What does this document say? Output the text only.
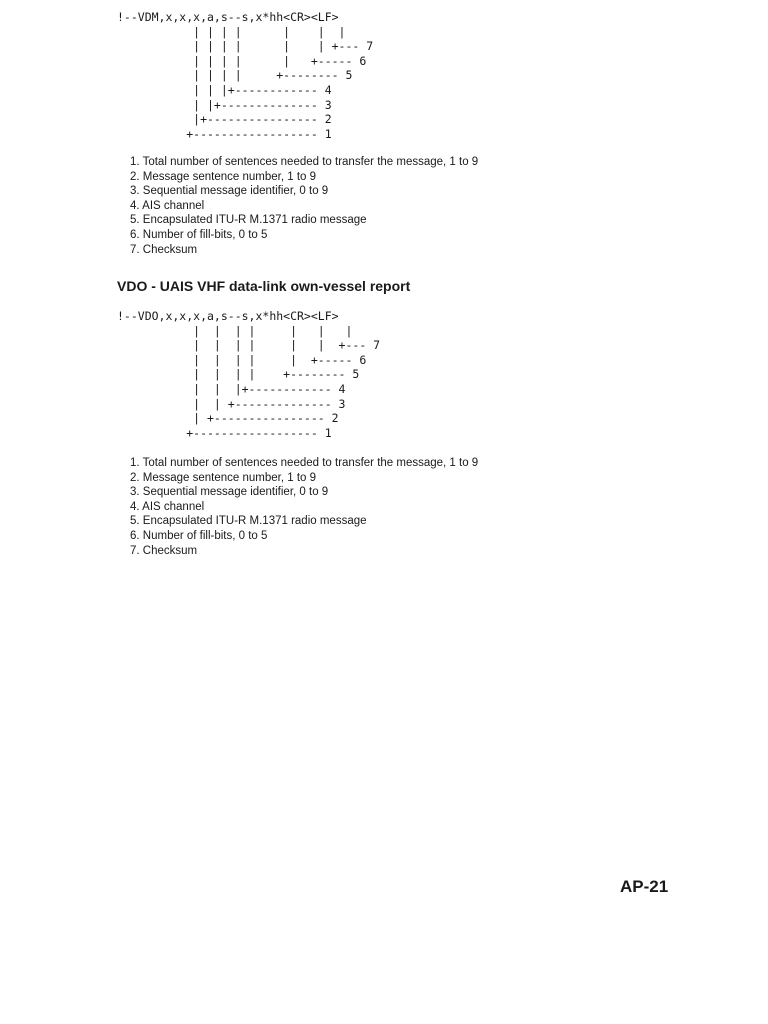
!--VDM,x,x,x,a,s--s,x*hh<CR><LF>
| | | |      |    |  |
| | | |      |    | +--- 7
| | | |      |   +----- 6
| | | |     +-------- 5
| | |+------------ 4
| |+-------------- 3
|+---------------- 2
+------------------ 1
1. Total number of sentences needed to transfer the message, 1 to 9
2. Message sentence number, 1 to 9
3. Sequential message identifier, 0 to 9
4. AIS channel
5. Encapsulated ITU-R M.1371 radio message
6. Number of fill-bits, 0 to 5
7. Checksum
VDO - UAIS VHF data-link own-vessel report
!--VDO,x,x,x,a,s--s,x*hh<CR><LF>
|  |  | |     |   |   |
|  |  | |     |   |  +--- 7
|  |  | |     |  +----- 6
|  |  | |    +-------- 5
|  |  |+------------ 4
|  | +-------------- 3
| +---------------- 2
+------------------ 1
1. Total number of sentences needed to transfer the message, 1 to 9
2. Message sentence number, 1 to 9
3. Sequential message identifier, 0 to 9
4. AIS channel
5. Encapsulated ITU-R M.1371 radio message
6. Number of fill-bits, 0 to 5
7. Checksum
AP-21
